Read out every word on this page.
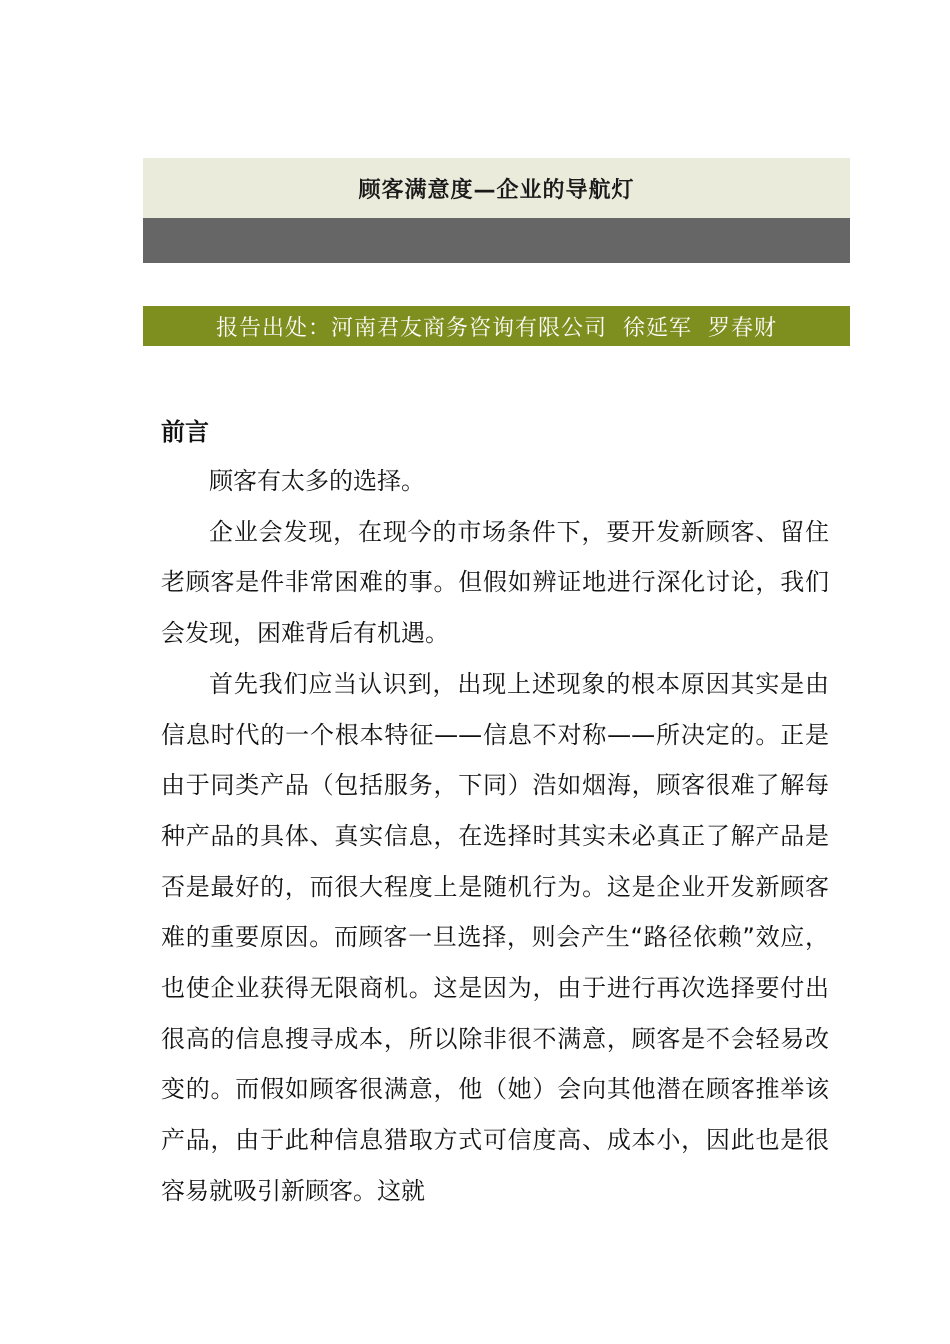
顾客满意度—企业的导航灯
报告出处：河南君友商务咨询有限公司  徐延军  罗春财
前言

顾客有太多的选择。

企业会发现，在现今的市场条件下，要开发新顾客、留住老顾客是件非常困难的事。但假如辨证地进行深化讨论，我们会发现，困难背后有机遇。

首先我们应当认识到，出现上述现象的根本原因其实是由信息时代的一个根本特征——信息不对称——所决定的。正是由于同类产品（包括服务，下同）浩如烟海，顾客很难了解每种产品的具体、真实信息，在选择时其实未必真正了解产品是否是最好的，而很大程度上是随机行为。这是企业开发新顾客难的重要原因。而顾客一旦选择，则会产生“路径依赖”效应，也使企业获得无限商机。这是因为，由于进行再次选择要付出很高的信息搜寻成本，所以除非很不满意，顾客是不会轻易改变的。而假如顾客很满意，他（她）会向其他潜在顾客推举该产品，由于此种信息猎取方式可信度高、成本小，因此也是很容易就吸引新顾客。这就
